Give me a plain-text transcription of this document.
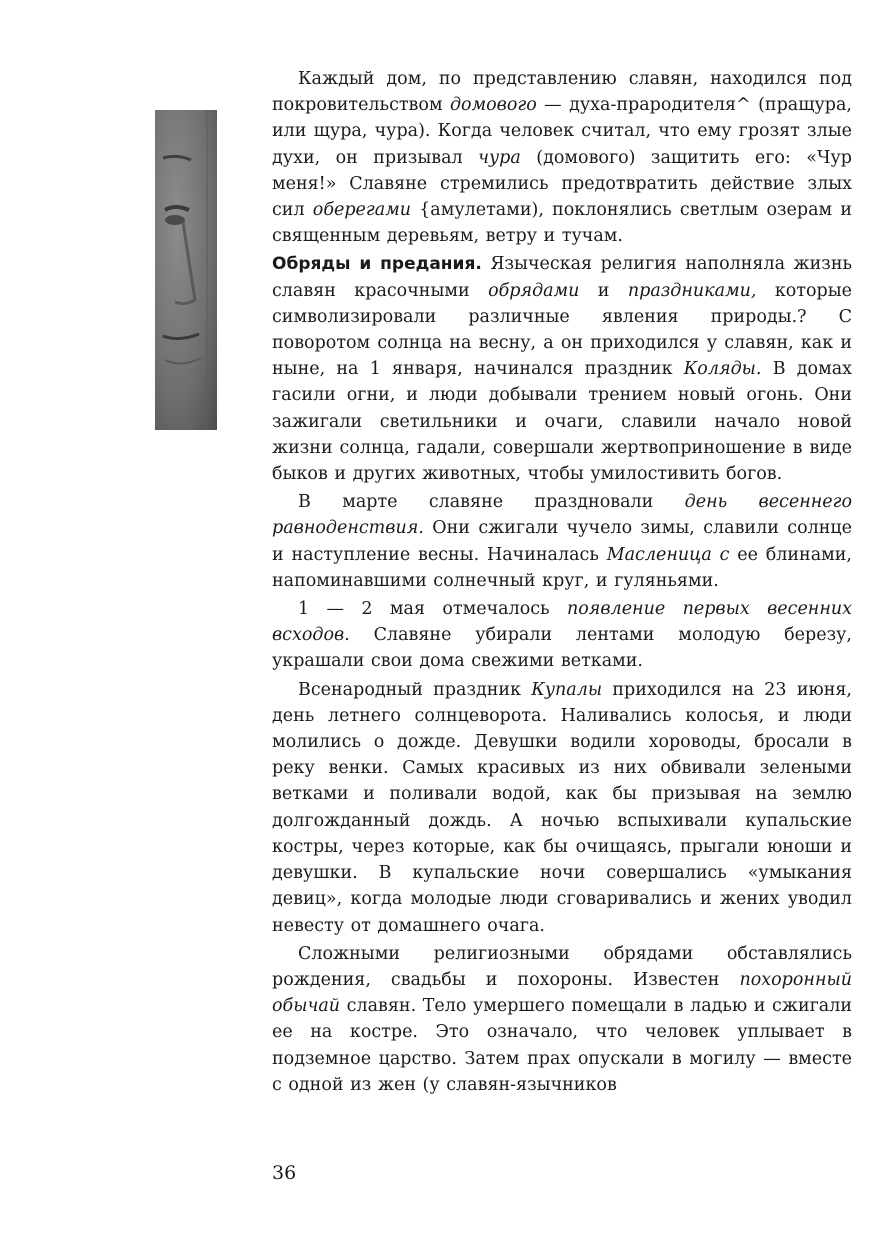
Каждый дом, по представлению славян, находился под покровительством домового — духа-прародителя^ (пращура, или щура, чура). Когда человек считал, что ему грозят злые духи, он призывал чура (домового) защитить его: «Чур меня!» Славяне стремились предотвратить действие злых сил оберегами {амулетами), поклонялись светлым озерам и священным деревьям, ветру и тучам.

Обряды и предания. Языческая религия наполняла жизнь славян красочными обрядами и праздниками, которые символизировали различные явления природы.? С поворотом солнца на весну, а он приходился у славян, как и ныне, на 1 января, начинался праздник Коляды. В домах гасили огни, и люди добывали трением новый огонь. Они зажигали светильники и очаги, славили начало новой жизни солнца, гадали, совершали жертвоприношение в виде быков и других животных, чтобы умилостивить богов.

В марте славяне праздновали день весеннего равноденствия. Они сжигали чучело зимы, славили солнце и наступление весны. Начиналась Масленица с ее блинами, напоминавшими солнечный круг, и гуляньями.

1 — 2 мая отмечалось появление первых весенних всходов. Славяне убирали лентами молодую березу, украшали свои дома свежими ветками.

Всенародный праздник Купалы приходился на 23 июня, день летнего солнцеворота. Наливались колосья, и люди молились о дожде. Девушки водили хороводы, бросали в реку венки. Самых красивых из них обвивали зелеными ветками и поливали водой, как бы призывая на землю долгожданный дождь. А ночью вспыхивали купальские костры, через которые, как бы очищаясь, прыгали юноши и девушки. В купальские ночи совершались «умыкания девиц», когда молодые люди сговаривались и жених уводил невесту от домашнего очага.

Сложными религиозными обрядами обставлялись рождения, свадьбы и похороны. Известен похоронный обычай славян. Тело умершего помещали в ладью и сжигали ее на костре. Это означало, что человек уплывает в подземное царство. Затем прах опускали в могилу — вместе с одной из жен (у славян-язычников

36
